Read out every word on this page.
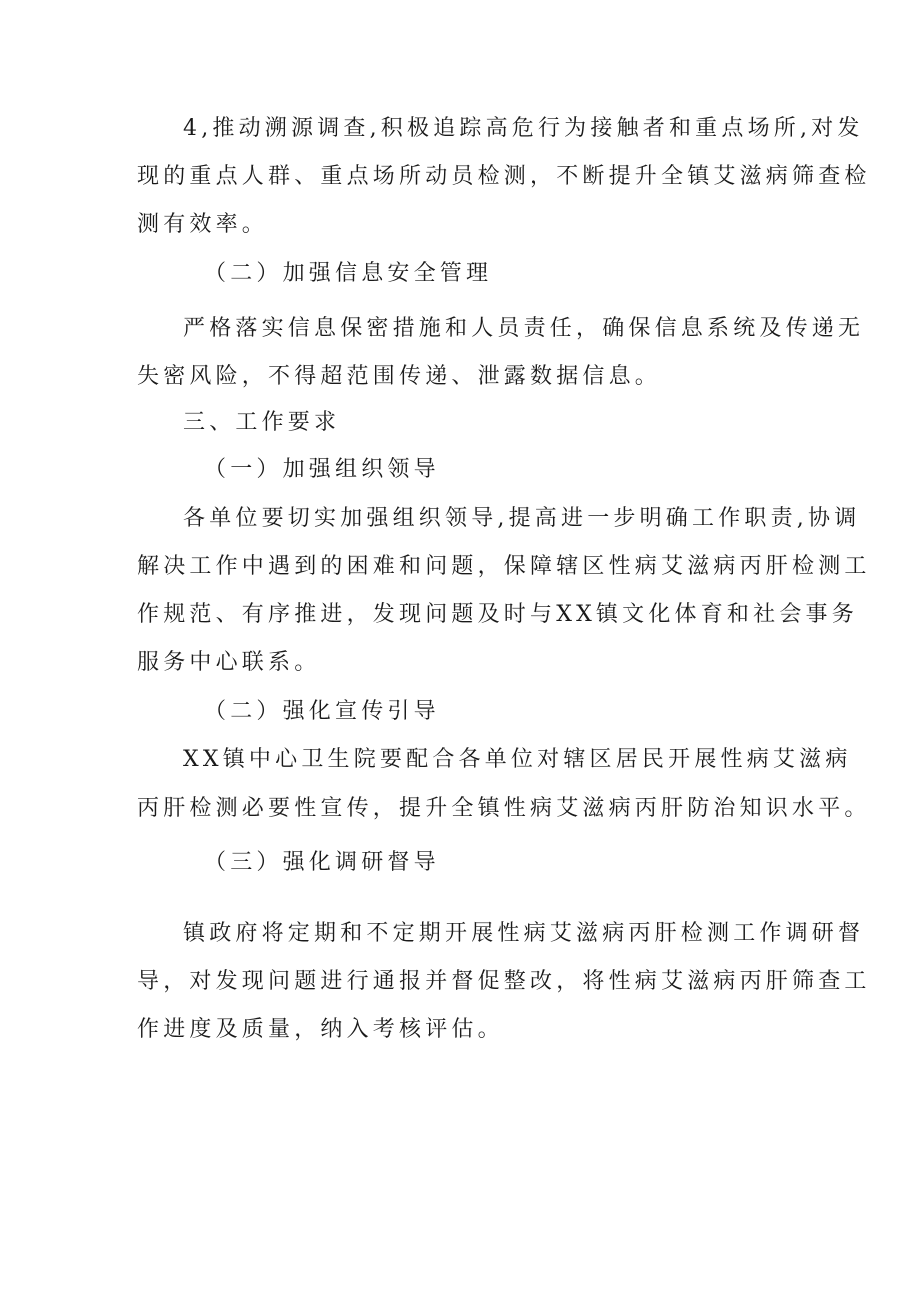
4,推动溯源调查,积极追踪高危行为接触者和重点场所,对发
现的重点人群、重点场所动员检测，不断提升全镇艾滋病筛查检
测有效率。
（二）加强信息安全管理
严格落实信息保密措施和人员责任，确保信息系统及传递无
失密风险，不得超范围传递、泄露数据信息。
三、工作要求
（一）加强组织领导
各单位要切实加强组织领导,提高进一步明确工作职责,协调
解决工作中遇到的困难和问题，保障辖区性病艾滋病丙肝检测工
作规范、有序推进，发现问题及时与XX镇文化体育和社会事务
服务中心联系。
（二）强化宣传引导
XX镇中心卫生院要配合各单位对辖区居民开展性病艾滋病
丙肝检测必要性宣传，提升全镇性病艾滋病丙肝防治知识水平。
（三）强化调研督导
镇政府将定期和不定期开展性病艾滋病丙肝检测工作调研督
导，对发现问题进行通报并督促整改，将性病艾滋病丙肝筛查工
作进度及质量，纳入考核评估。
